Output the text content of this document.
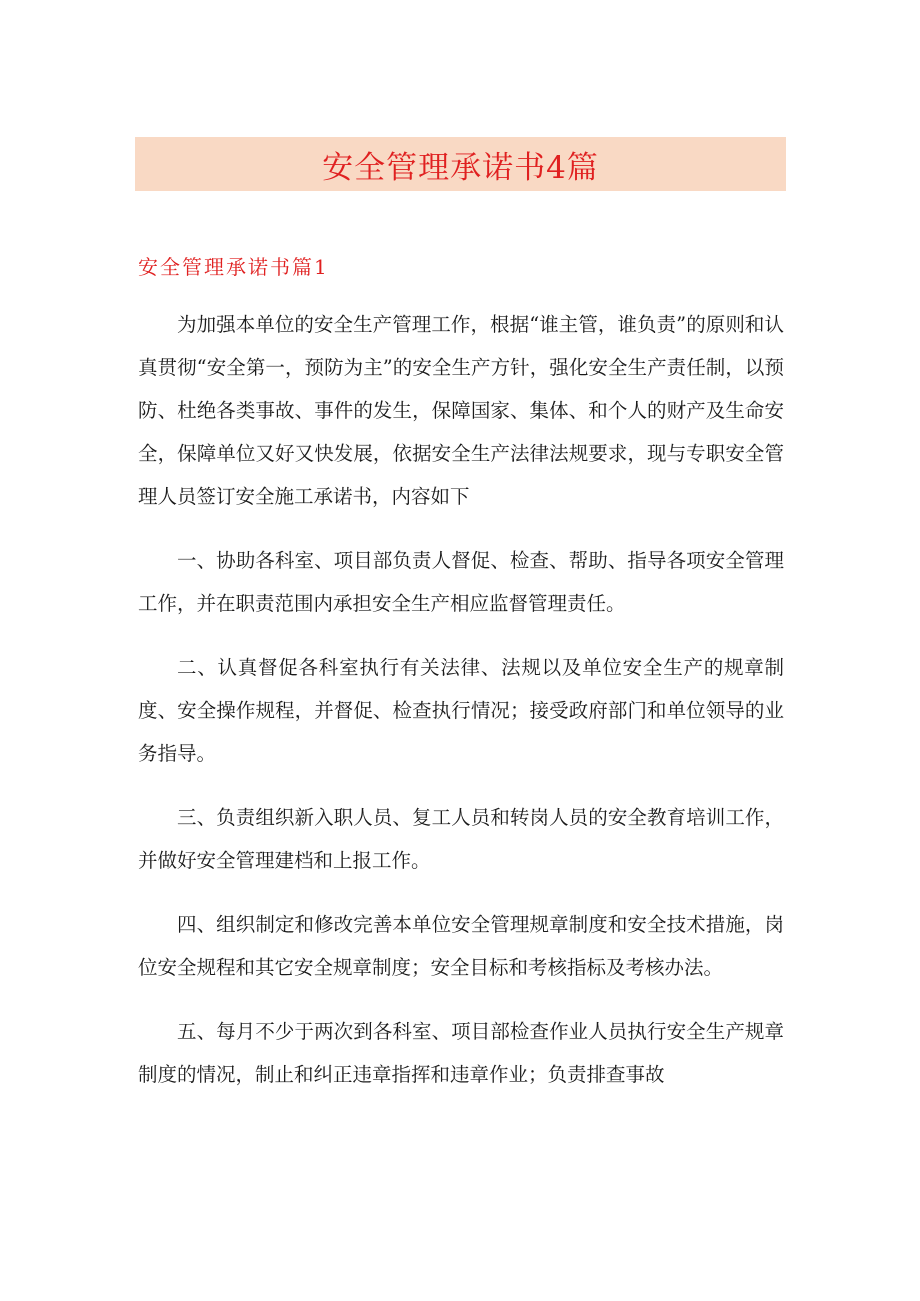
安全管理承诺书4篇
安全管理承诺书篇1

为加强本单位的安全生产管理工作，根据“谁主管，谁负责”的原则和认真贯彻“安全第一，预防为主”的安全生产方针，强化安全生产责任制，以预防、杜绝各类事故、事件的发生，保障国家、集体、和个人的财产及生命安全，保障单位又好又快发展，依据安全生产法律法规要求，现与专职安全管理人员签订安全施工承诺书，内容如下

一、协助各科室、项目部负责人督促、检查、帮助、指导各项安全管理工作，并在职责范围内承担安全生产相应监督管理责任。

二、认真督促各科室执行有关法律、法规以及单位安全生产的规章制度、安全操作规程，并督促、检查执行情况；接受政府部门和单位领导的业务指导。

三、负责组织新入职人员、复工人员和转岗人员的安全教育培训工作，并做好安全管理建档和上报工作。

四、组织制定和修改完善本单位安全管理规章制度和安全技术措施，岗位安全规程和其它安全规章制度；安全目标和考核指标及考核办法。

五、每月不少于两次到各科室、项目部检查作业人员执行安全生产规章制度的情况，制止和纠正违章指挥和违章作业；负责排查事故
